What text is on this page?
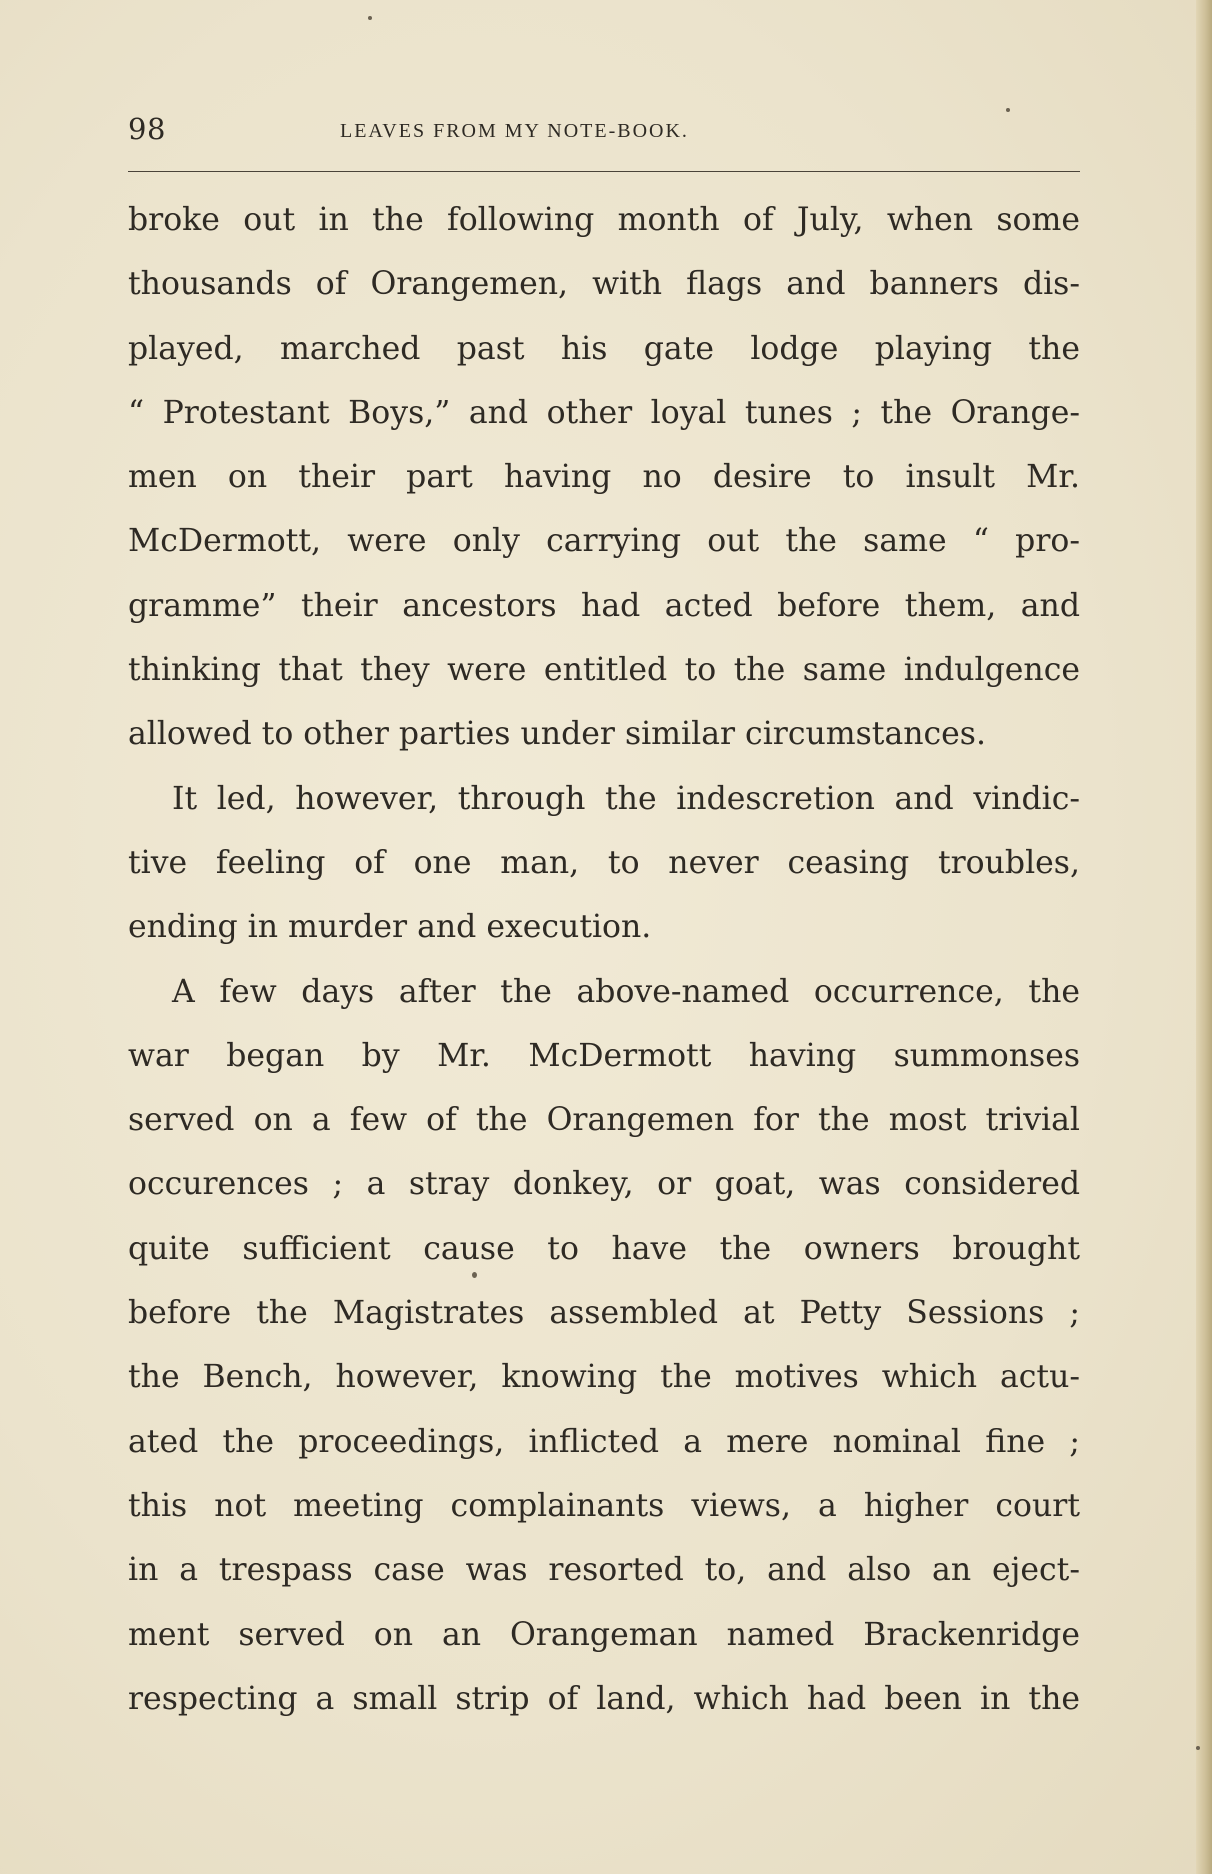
98	LEAVES FROM MY NOTE-BOOK.
broke out in the following month of July, when some
thousands of Orangemen, with flags and banners dis-
played, marched past his gate lodge playing the
“ Protestant Boys,” and other loyal tunes ; the Orange-
men on their part having no desire to insult Mr.
McDermott, were only carrying out the same “ pro-
gramme” their ancestors had acted before them, and
thinking that they were entitled to the same indulgence
allowed to other parties under similar circumstances.
It led, however, through the indescretion and vindic-
tive feeling of one man, to never ceasing troubles,
ending in murder and execution.
A few days after the above-named occurrence, the
war began by Mr. McDermott having summonses
served on a few of the Orangemen for the most trivial
occurences ; a stray donkey, or goat, was considered
quite sufficient cause to have the owners brought
before the Magistrates assembled at Petty Sessions ;
the Bench, however, knowing the motives which actu-
ated the proceedings, inflicted a mere nominal fine ;
this not meeting complainants views, a higher court
in a trespass case was resorted to, and also an eject-
ment served on an Orangeman named Brackenridge
respecting a small strip of land, which had been in the
